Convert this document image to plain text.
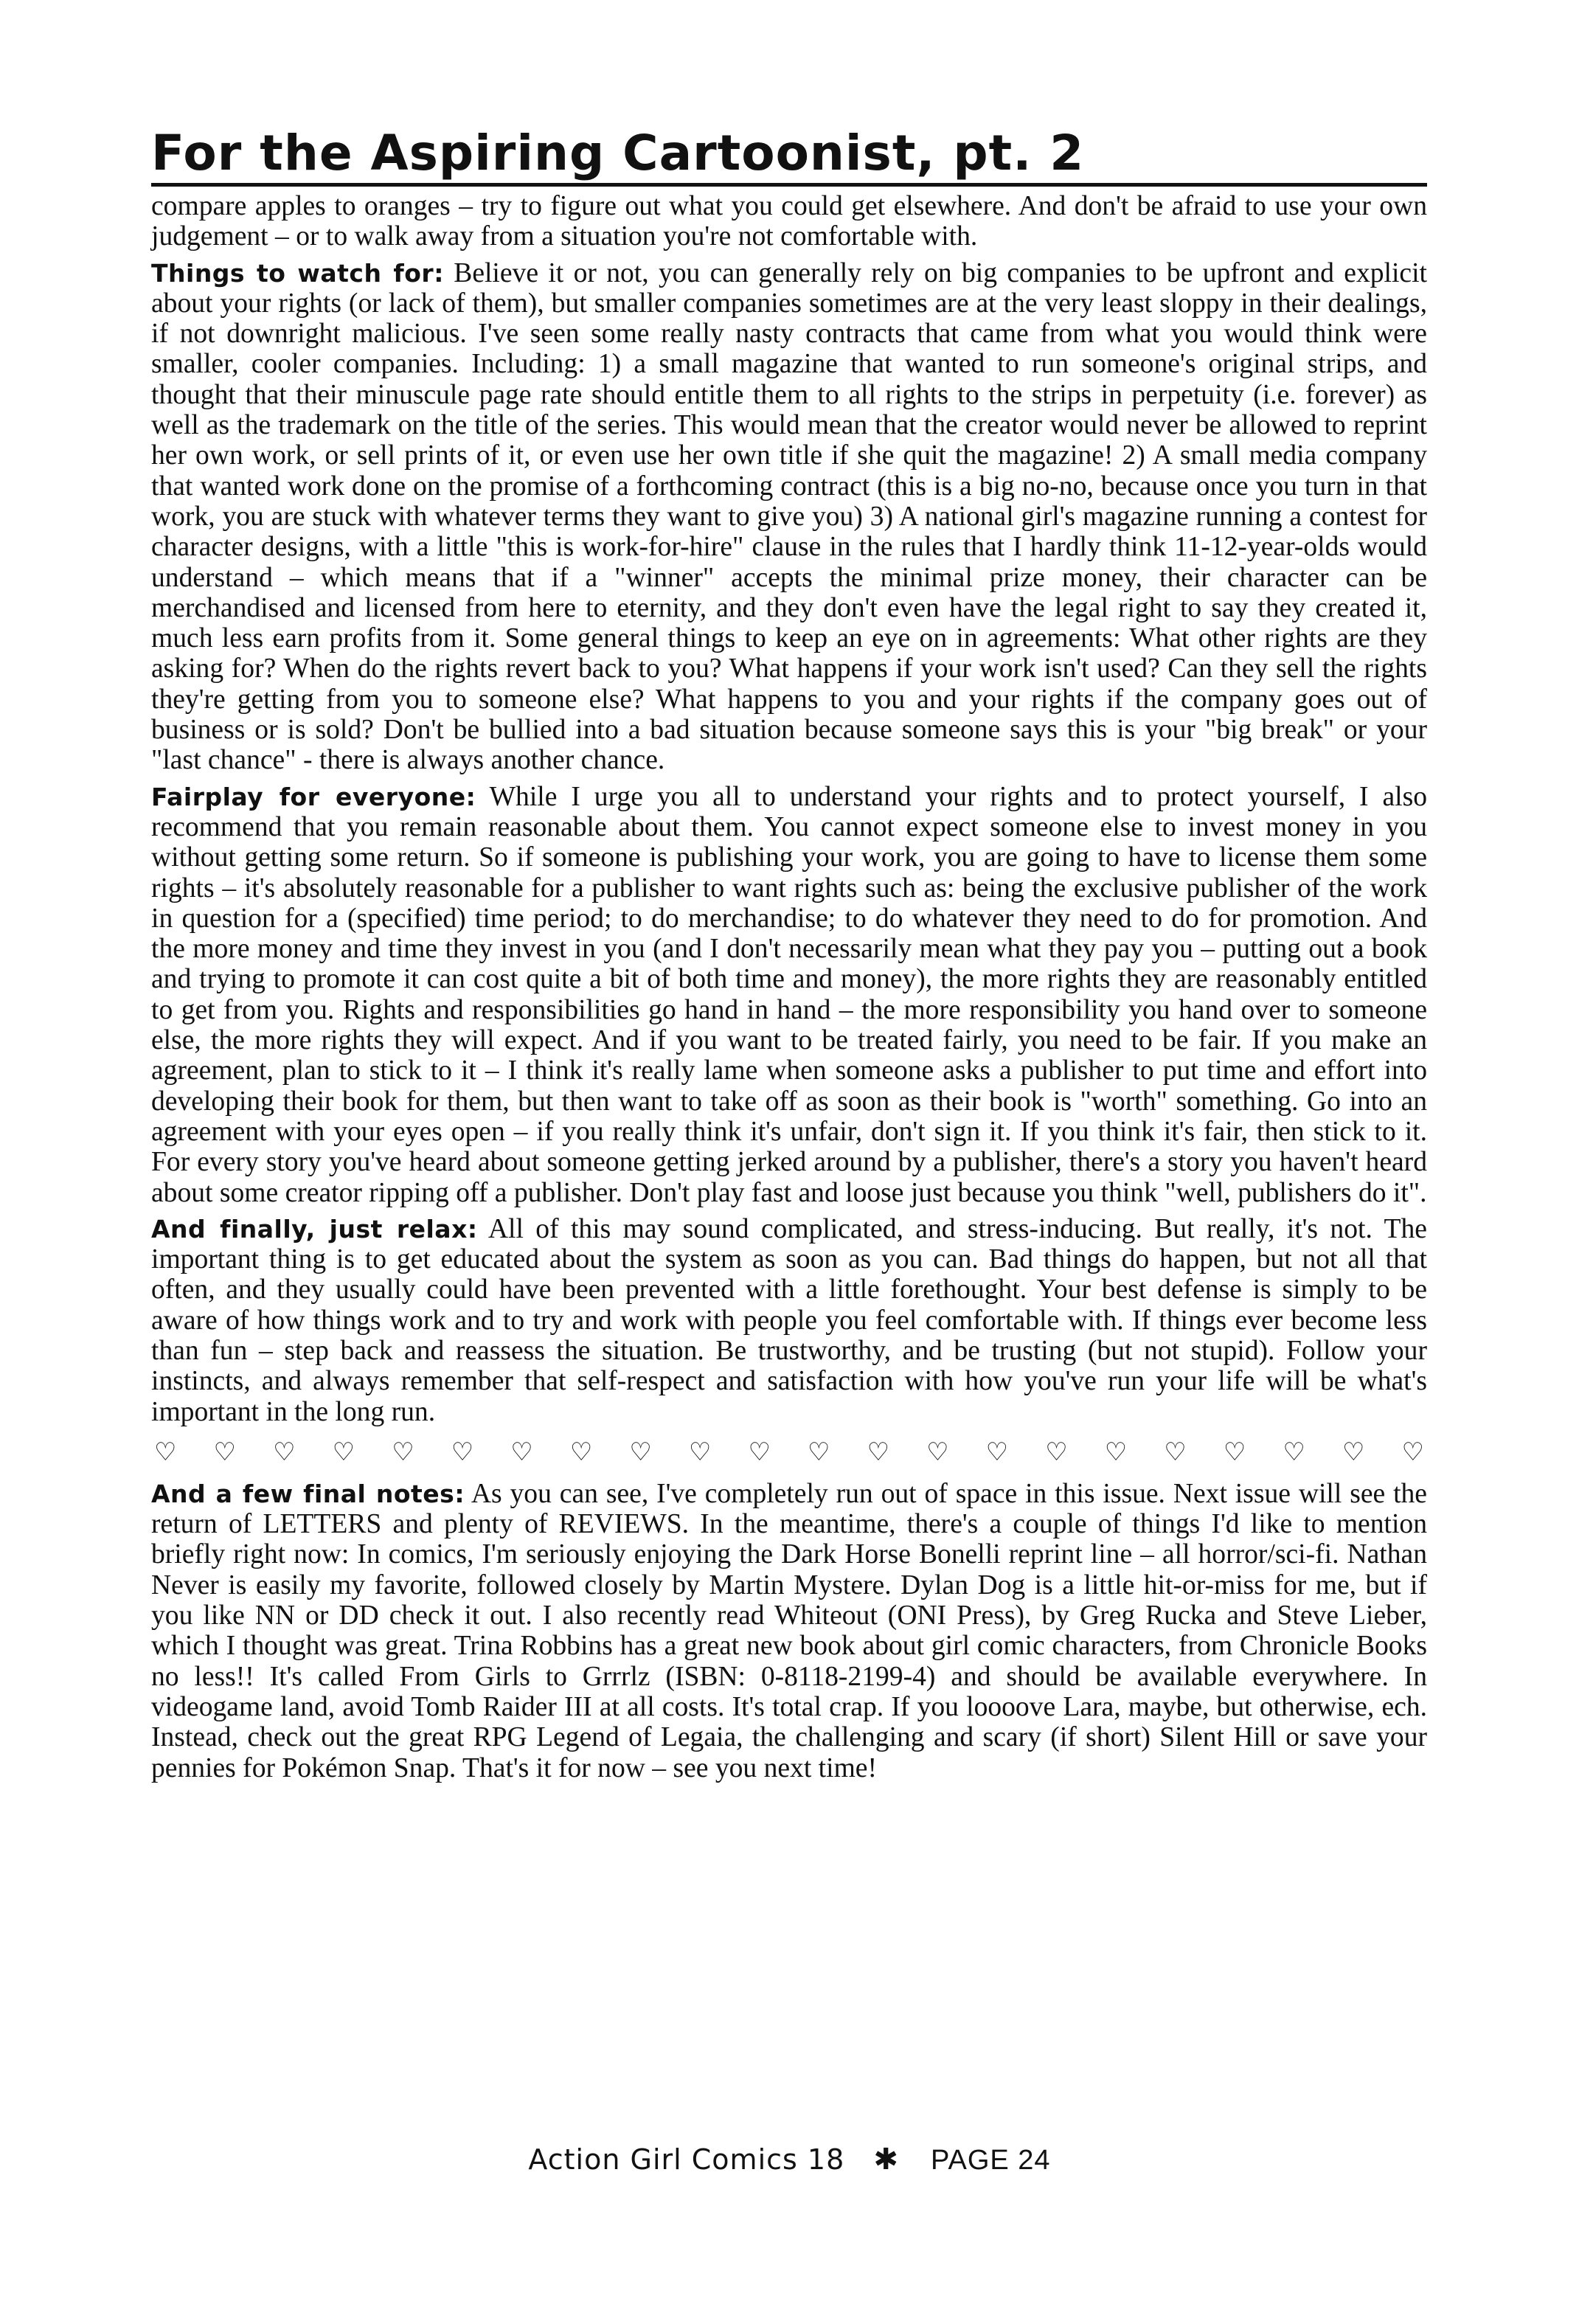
For the Aspiring Cartoonist, pt. 2

compare apples to oranges – try to figure out what you could get elsewhere. And don't be afraid to use your own judgement – or to walk away from a situation you're not comfortable with.

Things to watch for: Believe it or not, you can generally rely on big companies to be upfront and explicit about your rights (or lack of them), but smaller companies sometimes are at the very least sloppy in their dealings, if not downright malicious. I've seen some really nasty contracts that came from what you would think were smaller, cooler companies. Including: 1) a small magazine that wanted to run someone's original strips, and thought that their minuscule page rate should entitle them to all rights to the strips in perpetuity (i.e. forever) as well as the trademark on the title of the series. This would mean that the creator would never be allowed to reprint her own work, or sell prints of it, or even use her own title if she quit the magazine! 2) A small media company that wanted work done on the promise of a forthcoming contract (this is a big no-no, because once you turn in that work, you are stuck with whatever terms they want to give you) 3) A national girl's magazine running a contest for character designs, with a little "this is work-for-hire" clause in the rules that I hardly think 11-12-year-olds would understand – which means that if a "winner" accepts the minimal prize money, their character can be merchandised and licensed from here to eternity, and they don't even have the legal right to say they created it, much less earn profits from it. Some general things to keep an eye on in agreements: What other rights are they asking for? When do the rights revert back to you? What happens if your work isn't used? Can they sell the rights they're getting from you to someone else? What happens to you and your rights if the company goes out of business or is sold? Don't be bullied into a bad situation because someone says this is your "big break" or your "last chance" - there is always another chance.

Fairplay for everyone: While I urge you all to understand your rights and to protect yourself, I also recommend that you remain reasonable about them. You cannot expect someone else to invest money in you without getting some return. So if someone is publishing your work, you are going to have to license them some rights – it's absolutely reasonable for a publisher to want rights such as: being the exclusive publisher of the work in question for a (specified) time period; to do merchandise; to do whatever they need to do for promotion. And the more money and time they invest in you (and I don't necessarily mean what they pay you – putting out a book and trying to promote it can cost quite a bit of both time and money), the more rights they are reasonably entitled to get from you. Rights and responsibilities go hand in hand – the more responsibility you hand over to someone else, the more rights they will expect. And if you want to be treated fairly, you need to be fair. If you make an agreement, plan to stick to it – I think it's really lame when someone asks a publisher to put time and effort into developing their book for them, but then want to take off as soon as their book is "worth" something. Go into an agreement with your eyes open – if you really think it's unfair, don't sign it. If you think it's fair, then stick to it. For every story you've heard about someone getting jerked around by a publisher, there's a story you haven't heard about some creator ripping off a publisher. Don't play fast and loose just because you think "well, publishers do it".

And finally, just relax: All of this may sound complicated, and stress-inducing. But really, it's not. The important thing is to get educated about the system as soon as you can. Bad things do happen, but not all that often, and they usually could have been prevented with a little forethought. Your best defense is simply to be aware of how things work and to try and work with people you feel comfortable with. If things ever become less than fun – step back and reassess the situation. Be trustworthy, and be trusting (but not stupid). Follow your instincts, and always remember that self-respect and satisfaction with how you've run your life will be what's important in the long run.

♡ ♡ ♡ ♡ ♡ ♡ ♡ ♡ ♡ ♡ ♡ ♡ ♡ ♡ ♡ ♡ ♡ ♡ ♡ ♡ ♡ ♡

And a few final notes: As you can see, I've completely run out of space in this issue. Next issue will see the return of LETTERS and plenty of REVIEWS. In the meantime, there's a couple of things I'd like to mention briefly right now: In comics, I'm seriously enjoying the Dark Horse Bonelli reprint line – all horror/sci-fi. Nathan Never is easily my favorite, followed closely by Martin Mystere. Dylan Dog is a little hit-or-miss for me, but if you like NN or DD check it out. I also recently read Whiteout (ONI Press), by Greg Rucka and Steve Lieber, which I thought was great. Trina Robbins has a great new book about girl comic characters, from Chronicle Books no less!! It's called From Girls to Grrrlz (ISBN: 0-8118-2199-4) and should be available everywhere. In videogame land, avoid Tomb Raider III at all costs. It's total crap. If you loooove Lara, maybe, but otherwise, ech. Instead, check out the great RPG Legend of Legaia, the challenging and scary (if short) Silent Hill or save your pennies for Pokémon Snap. That's it for now – see you next time!

Action Girl Comics 18 ✱ PAGE 24
